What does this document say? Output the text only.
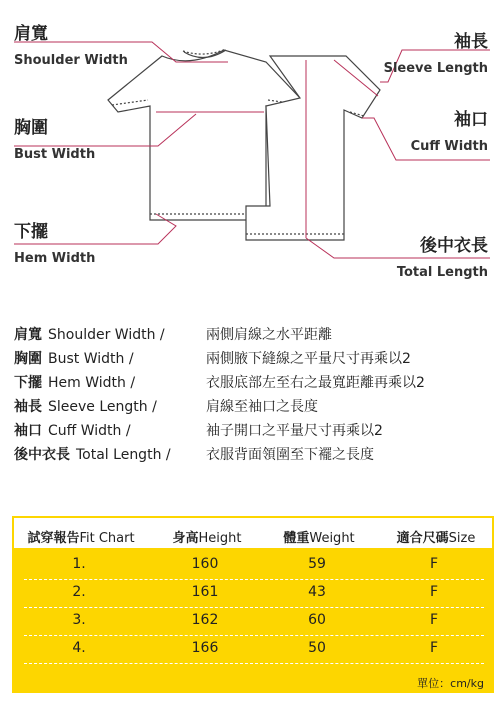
肩寬
Shoulder Width
袖長
Sleeve Length
胸圍
Bust Width
袖口
Cuff Width
下擺
Hem Width
後中衣長
Total Length
肩寬 Shoulder Width /	兩側肩線之水平距離
胸圍 Bust Width /	兩側腋下縫線之平量尺寸再乘以2
下擺 Hem Width /	衣服底部左至右之最寬距離再乘以2
袖長 Sleeve Length /	肩線至袖口之長度
袖口 Cuff Width /	袖子開口之平量尺寸再乘以2
後中衣長 Total Length /	衣服背面領圍至下襬之長度
試穿報告Fit Chart	身高Height	體重Weight	適合尺碼Size
1.	160	59	F
2.	161	43	F
3.	162	60	F
4.	166	50	F
單位：cm/kg
